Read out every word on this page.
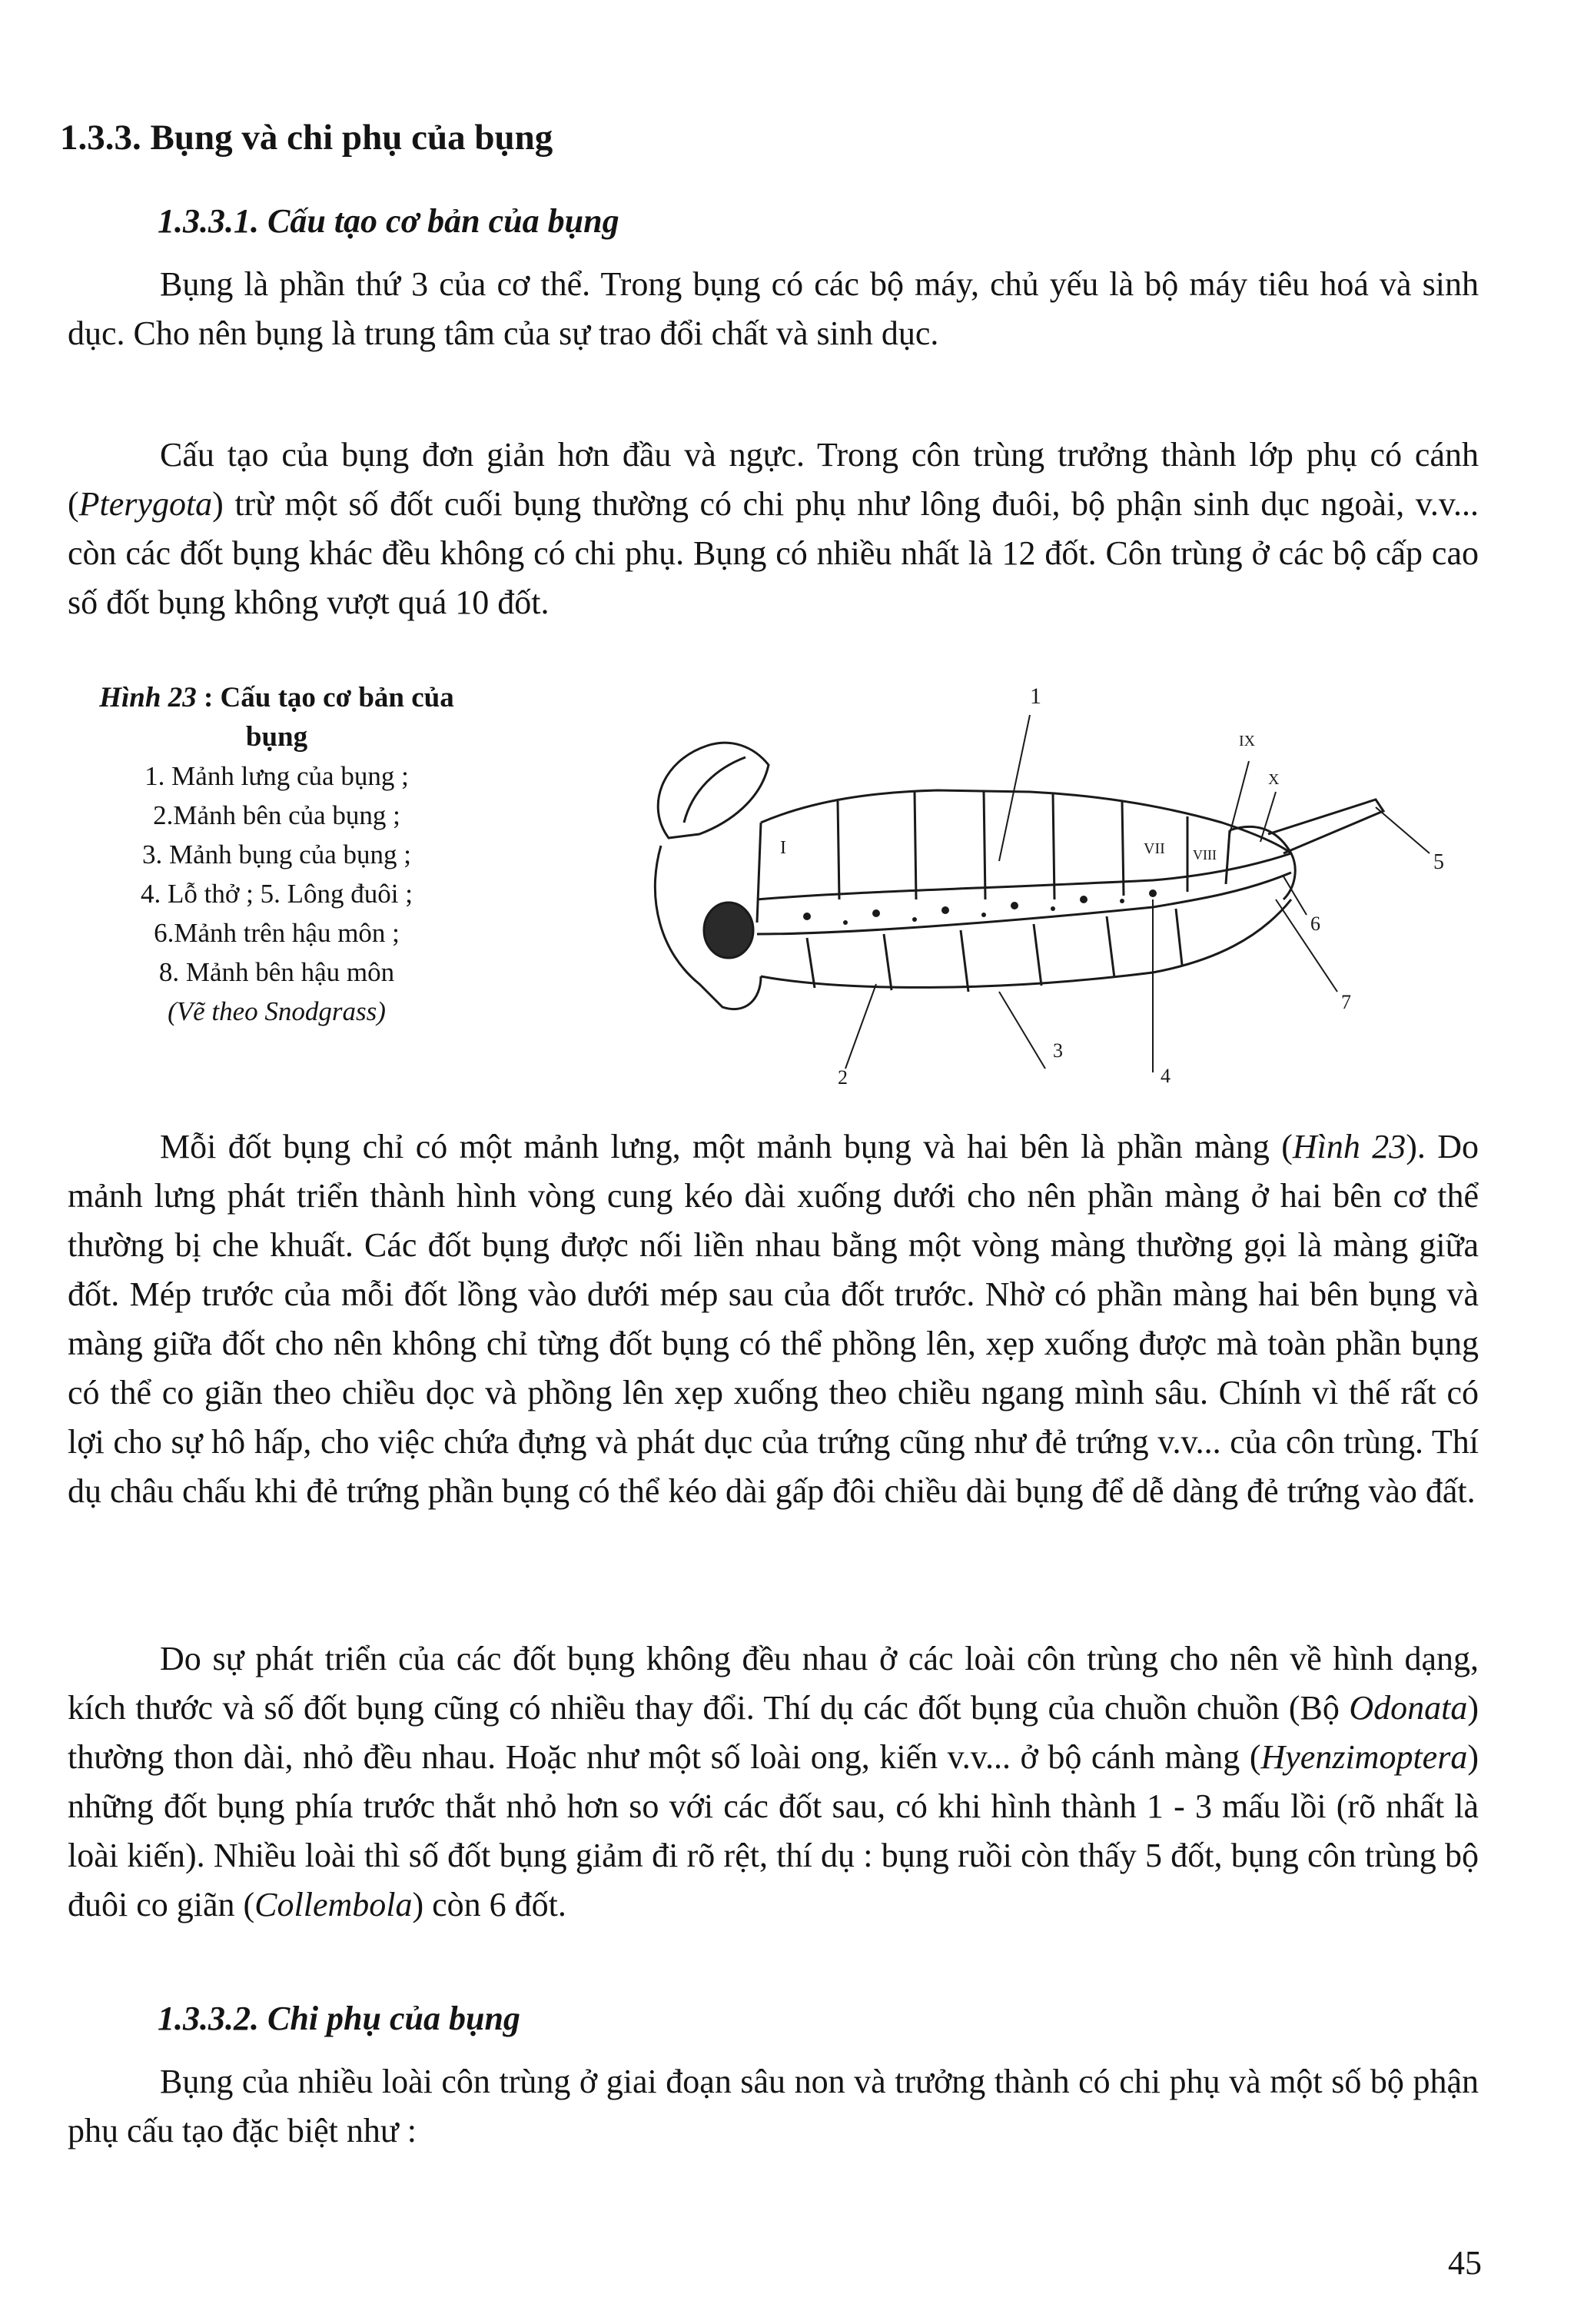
1.3.3. Bụng và chi phụ của bụng
1.3.3.1. Cấu tạo cơ bản của bụng

Bụng là phần thứ 3 của cơ thể. Trong bụng có các bộ máy, chủ yếu là bộ máy tiêu hoá và sinh dục. Cho nên bụng là trung tâm của sự trao đổi chất và sinh dục.

Cấu tạo của bụng đơn giản hơn đầu và ngực. Trong côn trùng trưởng thành lớp phụ có cánh (Pterygota) trừ một số đốt cuối bụng thường có chi phụ như lông đuôi, bộ phận sinh dục ngoài, v.v... còn các đốt bụng khác đều không có chi phụ. Bụng có nhiều nhất là 12 đốt. Côn trùng ở các bộ cấp cao số đốt bụng không vượt quá 10 đốt.

Hình 23 : Cấu tạo cơ bản của bụng
1. Mảnh lưng của bụng ;
2.Mảnh bên của bụng ;
3. Mảnh bụng của bụng ;
4. Lỗ thở ; 5. Lông đuôi ;
6.Mảnh trên hậu môn ;
8. Mảnh bên hậu môn
(Vẽ theo Snodgrass)
1
2
3
4
5
6
7
I	VII VIII
IX
X

Mỗi đốt bụng chỉ có một mảnh lưng, một mảnh bụng và hai bên là phần màng (Hình 23). Do mảnh lưng phát triển thành hình vòng cung kéo dài xuống dưới cho nên phần màng ở hai bên cơ thể thường bị che khuất. Các đốt bụng được nối liền nhau bằng một vòng màng thường gọi là màng giữa đốt. Mép trước của mỗi đốt lồng vào dưới mép sau của đốt trước. Nhờ có phần màng hai bên bụng và màng giữa đốt cho nên không chỉ từng đốt bụng có thể phồng lên, xẹp xuống được mà toàn phần bụng có thể co giãn theo chiều dọc và phồng lên xẹp xuống theo chiều ngang mình sâu. Chính vì thế rất có lợi cho sự hô hấp, cho việc chứa đựng và phát dục của trứng cũng như đẻ trứng v.v... của côn trùng. Thí dụ châu chấu khi đẻ trứng phần bụng có thể kéo dài gấp đôi chiều dài bụng để dễ dàng đẻ trứng vào đất.

Do sự phát triển của các đốt bụng không đều nhau ở các loài côn trùng cho nên về hình dạng, kích thước và số đốt bụng cũng có nhiều thay đổi. Thí dụ các đốt bụng của chuồn chuồn (Bộ Odonata) thường thon dài, nhỏ đều nhau. Hoặc như một số loài ong, kiến v.v... ở bộ cánh màng (Hyenzimoptera) những đốt bụng phía trước thắt nhỏ hơn so với các đốt sau, có khi hình thành 1 - 3 mấu lồi (rõ nhất là loài kiến). Nhiều loài thì số đốt bụng giảm đi rõ rệt, thí dụ : bụng ruồi còn thấy 5 đốt, bụng côn trùng bộ đuôi co giãn (Collembola) còn 6 đốt.

1.3.3.2. Chi phụ của bụng

Bụng của nhiều loài côn trùng ở giai đoạn sâu non và trưởng thành có chi phụ và một số bộ phận phụ cấu tạo đặc biệt như :

45
